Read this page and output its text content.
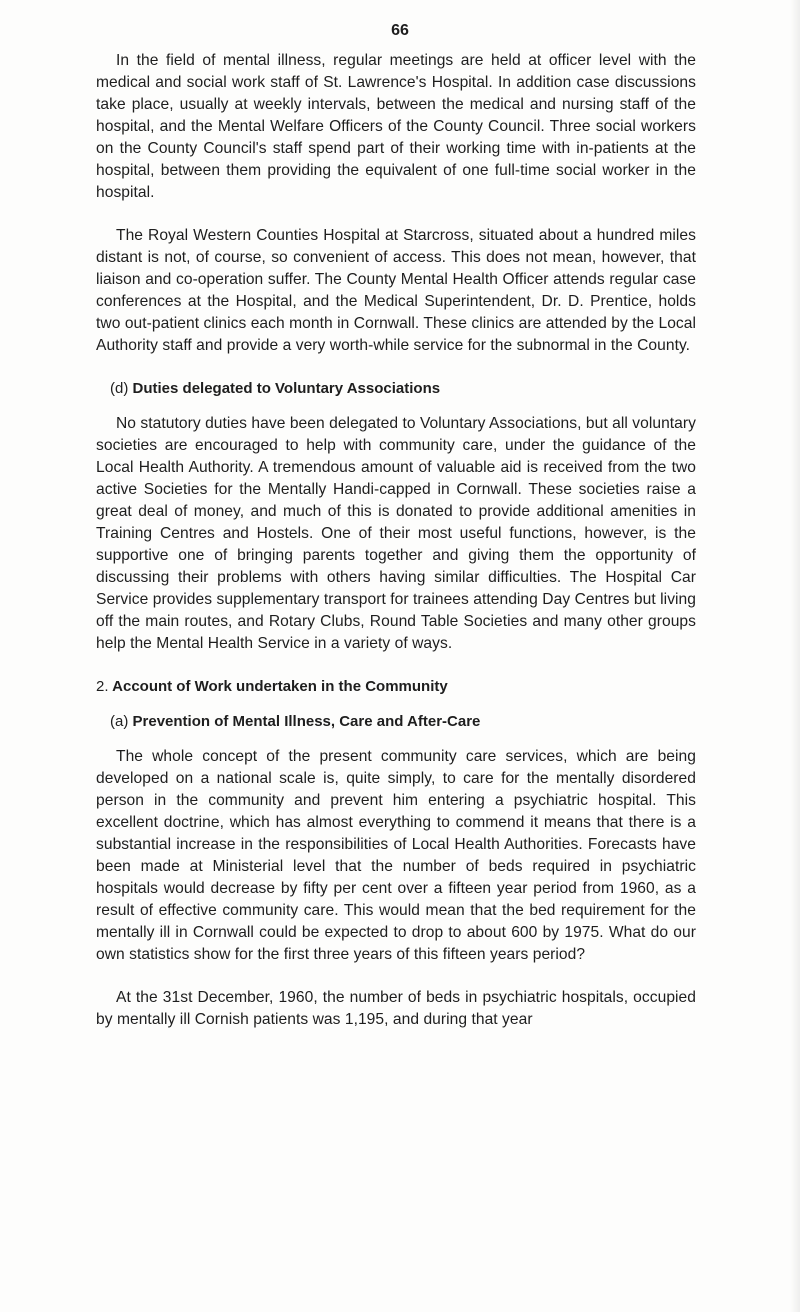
66

In the field of mental illness, regular meetings are held at officer level with the medical and social work staff of St. Lawrence's Hospital. In addition case discussions take place, usually at weekly intervals, between the medical and nursing staff of the hospital, and the Mental Welfare Officers of the County Council. Three social workers on the County Council's staff spend part of their working time with in-patients at the hospital, between them providing the equivalent of one full-time social worker in the hospital.

The Royal Western Counties Hospital at Starcross, situated about a hundred miles distant is not, of course, so convenient of access. This does not mean, however, that liaison and co-operation suffer. The County Mental Health Officer attends regular case conferences at the Hospital, and the Medical Superintendent, Dr. D. Prentice, holds two out-patient clinics each month in Cornwall. These clinics are attended by the Local Authority staff and provide a very worth-while service for the subnormal in the County.

(d) Duties delegated to Voluntary Associations

No statutory duties have been delegated to Voluntary Associations, but all voluntary societies are encouraged to help with community care, under the guidance of the Local Health Authority. A tremendous amount of valuable aid is received from the two active Societies for the Mentally Handi-capped in Cornwall. These societies raise a great deal of money, and much of this is donated to provide additional amenities in Training Centres and Hostels. One of their most useful functions, however, is the supportive one of bringing parents together and giving them the opportunity of discussing their problems with others having similar difficulties. The Hospital Car Service provides supplementary transport for trainees attending Day Centres but living off the main routes, and Rotary Clubs, Round Table Societies and many other groups help the Mental Health Service in a variety of ways.

2. Account of Work undertaken in the Community
(a) Prevention of Mental Illness, Care and After-Care

The whole concept of the present community care services, which are being developed on a national scale is, quite simply, to care for the mentally disordered person in the community and prevent him entering a psychiatric hospital. This excellent doctrine, which has almost everything to commend it means that there is a substantial increase in the responsibilities of Local Health Authorities. Forecasts have been made at Ministerial level that the number of beds required in psychiatric hospitals would decrease by fifty per cent over a fifteen year period from 1960, as a result of effective community care. This would mean that the bed requirement for the mentally ill in Cornwall could be expected to drop to about 600 by 1975. What do our own statistics show for the first three years of this fifteen years period?

At the 31st December, 1960, the number of beds in psychiatric hospitals, occupied by mentally ill Cornish patients was 1,195, and during that year
